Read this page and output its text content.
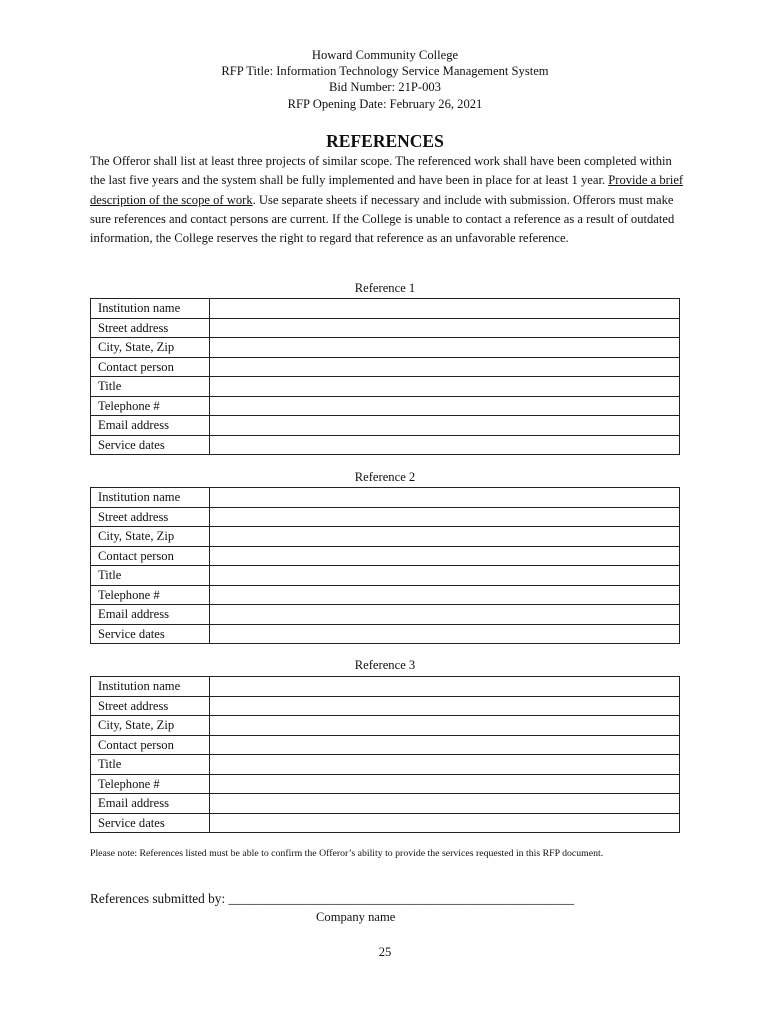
Howard Community College
RFP Title: Information Technology Service Management System
Bid Number: 21P-003
RFP Opening Date: February 26, 2021
REFERENCES
The Offeror shall list at least three projects of similar scope. The referenced work shall have been completed within the last five years and the system shall be fully implemented and have been in place for at least 1 year. Provide a brief description of the scope of work. Use separate sheets if necessary and include with submission. Offerors must make sure references and contact persons are current. If the College is unable to contact a reference as a result of outdated information, the College reserves the right to regard that reference as an unfavorable reference.
Reference 1
Institution name	
Street address	
City, State, Zip	
Contact person	
Title	
Telephone #	
Email address	
Service dates	
Reference 2
Institution name	
Street address	
City, State, Zip	
Contact person	
Title	
Telephone #	
Email address	
Service dates	
Reference 3
Institution name	
Street address	
City, State, Zip	
Contact person	
Title	
Telephone #	
Email address	
Service dates	
Please note: References listed must be able to confirm the Offeror’s ability to provide the services requested in this RFP document.
References submitted by: ____________________________________________________
Company name
25
